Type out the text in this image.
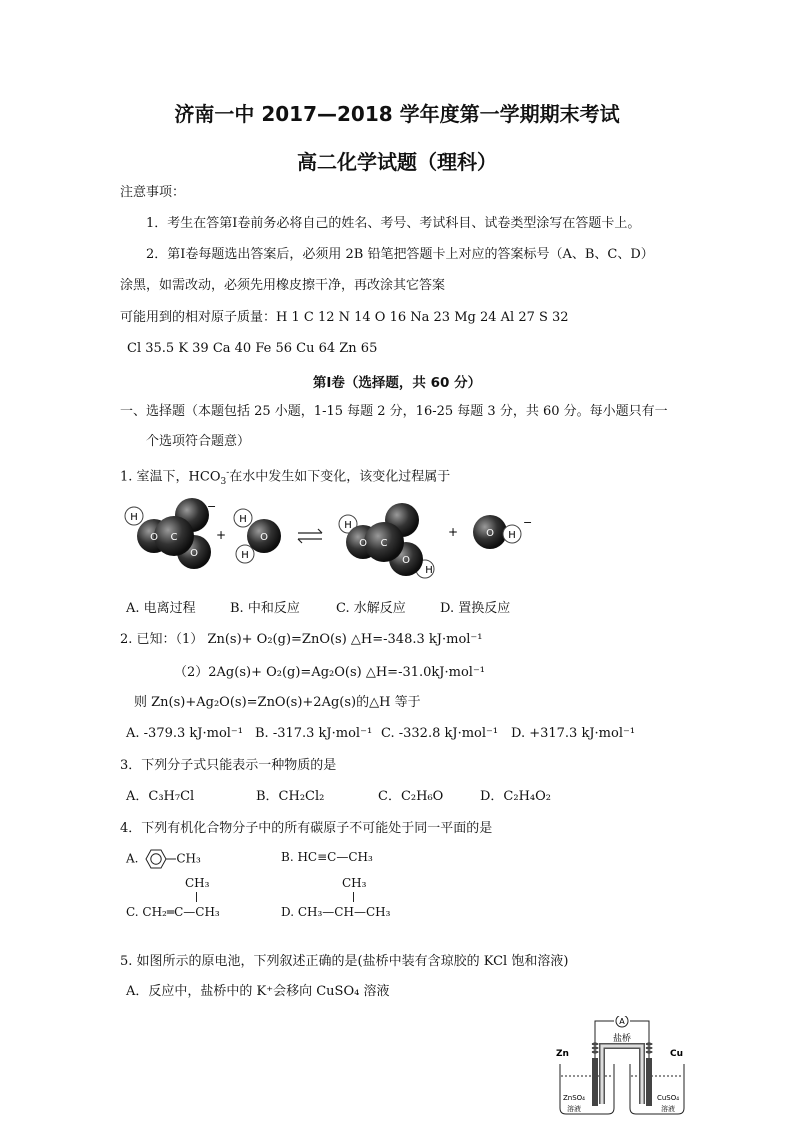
济南一中 2017—2018 学年度第一学期期末考试
高二化学试题（理科）
注意事项：
1．考生在答第Ⅰ卷前务必将自己的姓名、考号、考试科目、试卷类型涂写在答题卡上。
2．第Ⅰ卷每题选出答案后，必须用 2B 铅笔把答题卡上对应的答案标号（A、B、C、D）
涂黑，如需改动，必须先用橡皮擦干净，再改涂其它答案
可能用到的相对原子质量：H 1 C 12 N 14 O 16 Na 23 Mg 24 Al 27 S 32
Cl 35.5 K 39 Ca 40 Fe 56 Cu 64 Zn 65
第Ⅰ卷（选择题，共 60 分）
一、选择题（本题包括 25 小题，1-15 每题 2 分，16-25 每题 3 分，共 60 分。每小题只有一
个选项符合题意）
1. 室温下，$HCO_3^-$在水中发生如下变化，该变化过程属于
H
O C
O
−
+
H
H
O
H
O C
O
H
+	O H
−
A. 电离过程	B. 中和反应	C. 水解反应	D. 置换反应
2. 已知：（1） Zn(s)+ O₂(g)=ZnO(s) △H=-348.3 kJ·mol⁻¹
（2）2Ag(s)+ O₂(g)=Ag₂O(s) △H=-31.0kJ·mol⁻¹
则 Zn(s)+Ag₂O(s)=ZnO(s)+2Ag(s)的△H 等于
A. -379.3 kJ·mol⁻¹ B. -317.3 kJ·mol⁻¹ C. -332.8 kJ·mol⁻¹ D. +317.3 kJ·mol⁻¹
3．下列分子式只能表示一种物质的是
A．C₃H₇Cl	B．CH₂Cl₂	C．C₂H₆O	D．C₂H₄O₂
4．下列有机化合物分子中的所有碳原子不可能处于同一平面的是
A.	CH₃	B. HC≡C—CH₃
CH₃
C. CH₂═C—CH₃
CH₃
D. CH₃—CH—CH₃
5. 如图所示的原电池，下列叙述正确的是(盐桥中装有含琼胶的 KCl 饱和溶液)
A．反应中，盐桥中的 K⁺会移向 CuSO₄ 溶液
A
盐桥
Zn	Cu
ZnSO₄
溶液
CuSO₄
溶液
